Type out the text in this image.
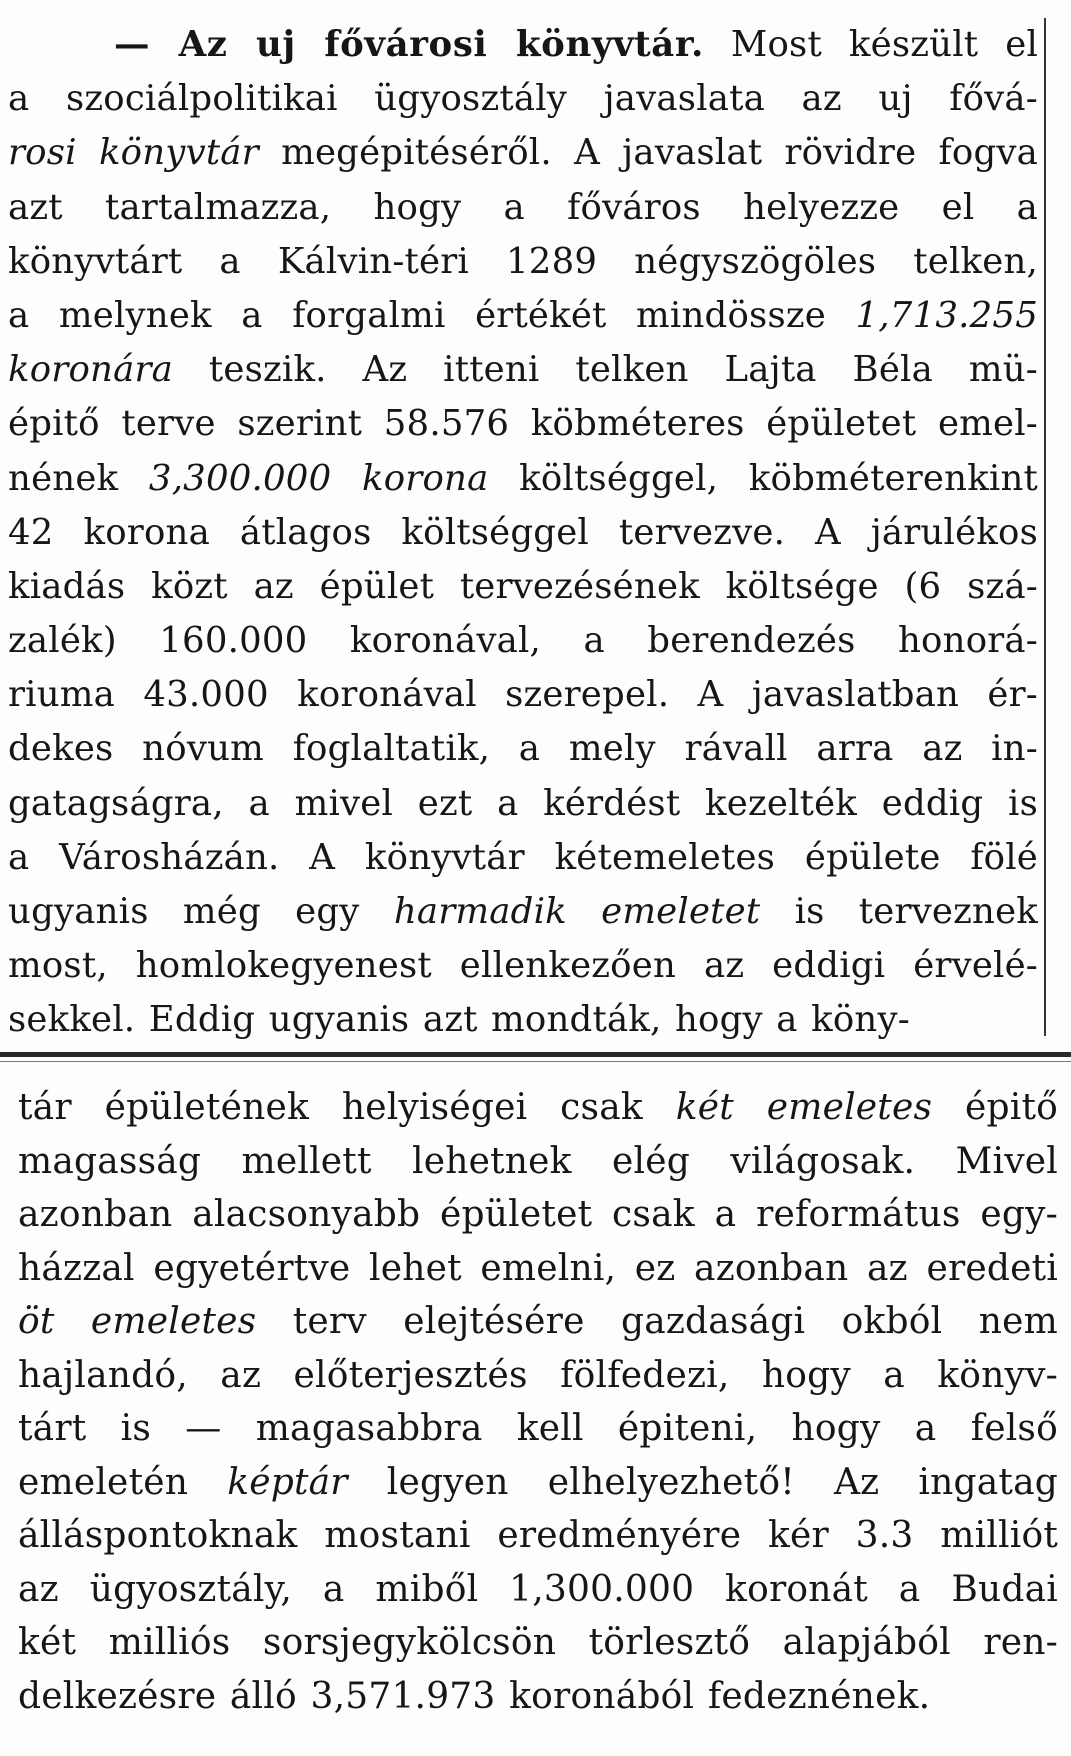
— Az uj fővárosi könyvtár. Most készült el
a szociálpolitikai ügyosztály javaslata az uj fővá-
rosi könyvtár megépitéséről. A javaslat rövidre fogva
azt tartalmazza, hogy a főváros helyezze el a
könyvtárt a Kálvin-téri 1289 négyszögöles telken,
a melynek a forgalmi értékét mindössze 1,713.255
koronára teszik. Az itteni telken Lajta Béla mü-
épitő terve szerint 58.576 köbméteres épületet emel-
nének 3,300.000 korona költséggel, köbméterenkint
42 korona átlagos költséggel tervezve. A járulékos
kiadás közt az épület tervezésének költsége (6 szá-
zalék) 160.000 koronával, a berendezés honorá-
riuma 43.000 koronával szerepel. A javaslatban ér-
dekes nóvum foglaltatik, a mely rávall arra az in-
gatagságra, a mivel ezt a kérdést kezelték eddig is
a Városházán. A könyvtár kétemeletes épülete fölé
ugyanis még egy harmadik emeletet is terveznek
most, homlokegyenest ellenkezően az eddigi érvelé-
sekkel. Eddig ugyanis azt mondták, hogy a köny-
tár épületének helyiségei csak két emeletes épitő
magasság mellett lehetnek elég világosak. Mivel
azonban alacsonyabb épületet csak a református egy-
házzal egyetértve lehet emelni, ez azonban az eredeti
öt emeletes terv elejtésére gazdasági okból nem
hajlandó, az előterjesztés fölfedezi, hogy a könyv-
tárt is — magasabbra kell épiteni, hogy a felső
emeletén képtár legyen elhelyezhető! Az ingatag
álláspontoknak mostani eredményére kér 3.3 milliót
az ügyosztály, a miből 1,300.000 koronát a Budai
két milliós sorsjegykölcsön törlesztő alapjából ren-
delkezésre álló 3,571.973 koronából fedeznének.
